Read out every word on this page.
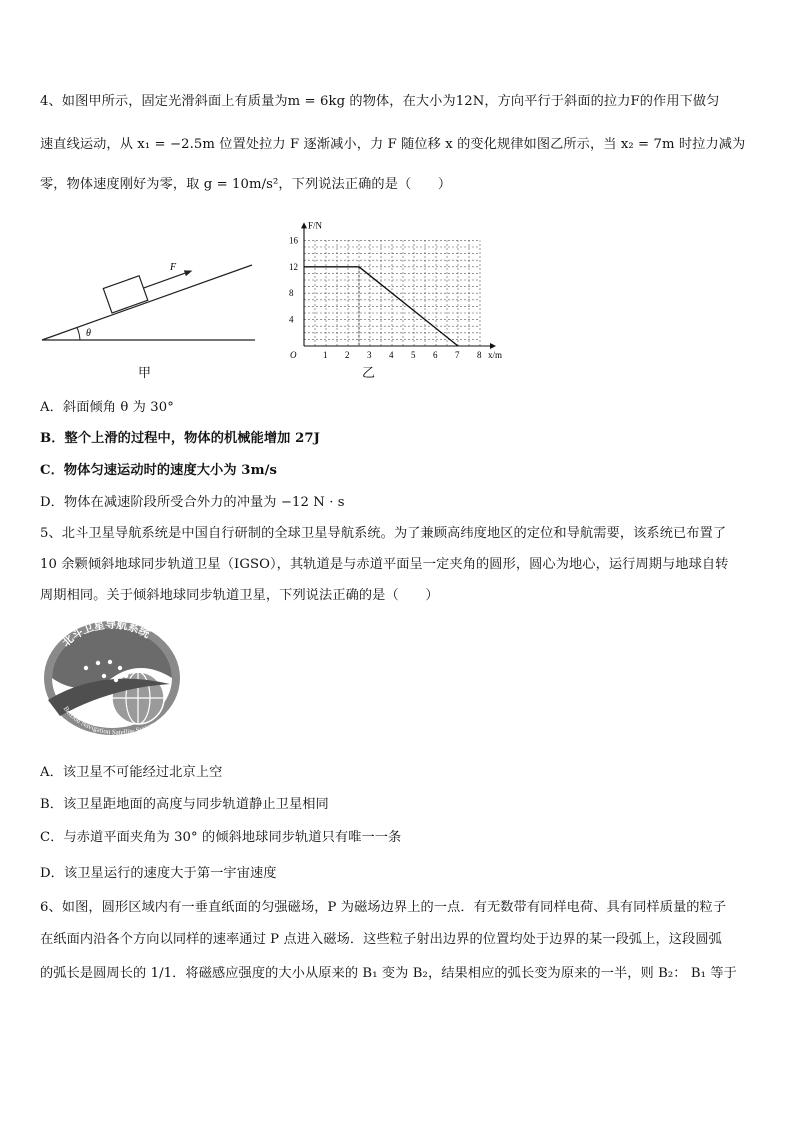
4、如图甲所示，固定光滑斜面上有质量为m = 6kg 的物体，在大小为12N，方向平行于斜面的拉力F的作用下做匀
速直线运动，从 x₁ = −2.5m 位置处拉力 F 逐渐减小，力 F 随位移 x 的变化规律如图乙所示，当 x₂ = 7m 时拉力减为
零，物体速度刚好为零，取 g = 10m/s²，下列说法正确的是（　　）
θ
F
甲
1 2 3 4 5 6 7 8
4
8
12
16
O	x/m
F/N
乙
A．斜面倾角 θ 为 30°
B．整个上滑的过程中，物体的机械能增加 27J
C．物体匀速运动时的速度大小为 3m/s
D．物体在减速阶段所受合外力的冲量为 −12 N · s
5、北斗卫星导航系统是中国自行研制的全球卫星导航系统。为了兼顾高纬度地区的定位和导航需要，该系统已布置了
10 余颗倾斜地球同步轨道卫星（IGSO），其轨道是与赤道平面呈一定夹角的圆形，圆心为地心，运行周期与地球自转
周期相同。关于倾斜地球同步轨道卫星，下列说法正确的是（　　）
北斗卫星导航系统
BeiDou Navigation Satellite System
A．该卫星不可能经过北京上空
B．该卫星距地面的高度与同步轨道静止卫星相同
C．与赤道平面夹角为 30° 的倾斜地球同步轨道只有唯一一条
D．该卫星运行的速度大于第一宇宙速度
6、如图，圆形区域内有一垂直纸面的匀强磁场，P 为磁场边界上的一点．有无数带有同样电荷、具有同样质量的粒子
在纸面内沿各个方向以同样的速率通过 P 点进入磁场．这些粒子射出边界的位置均处于边界的某一段弧上，这段圆弧
的弧长是圆周长的 1/1．将磁感应强度的大小从原来的 B₁ 变为 B₂，结果相应的弧长变为原来的一半，则 B₂： B₁ 等于
